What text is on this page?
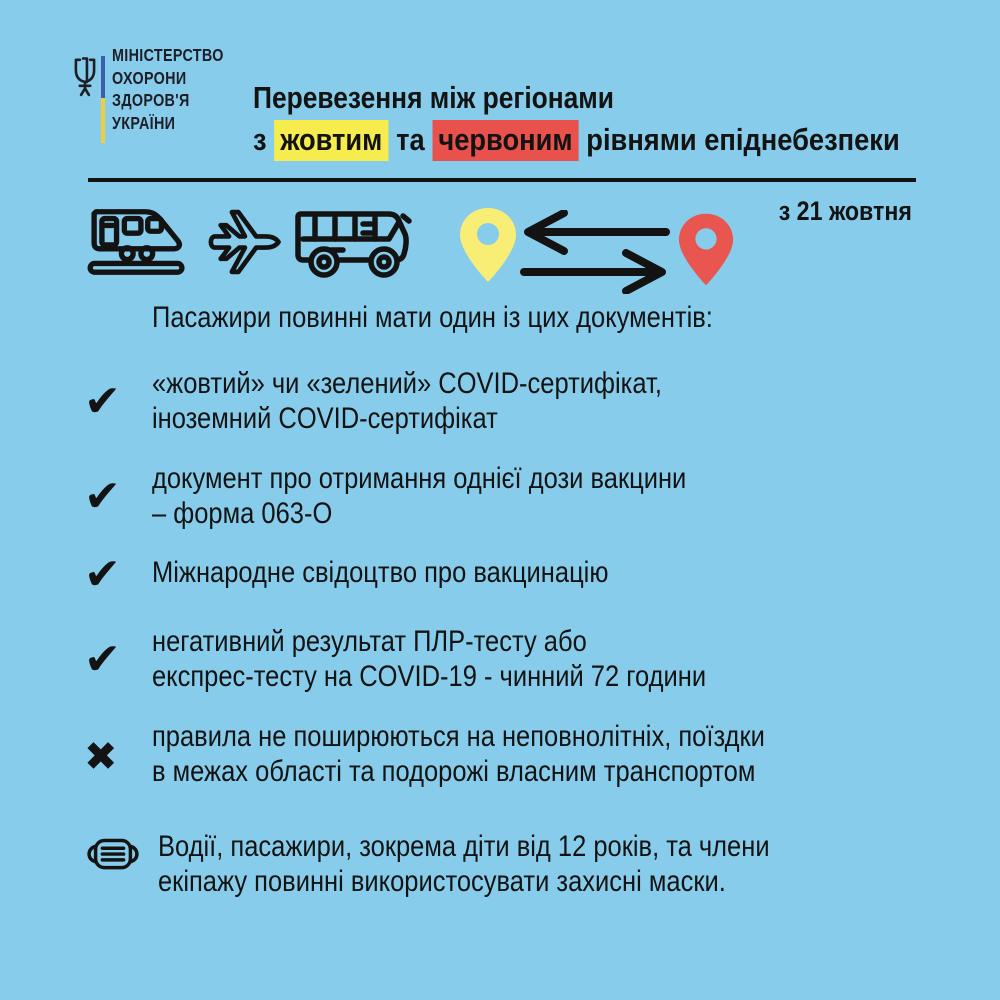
МІНІСТЕРСТВО
ОХОРОНИ
ЗДОРОВ'Я
УКРАЇНИ
Перевезення між регіонами
з жовтим та червоним рівнями епіднебезпеки
з 21 жовтня
Пасажири повинні мати один із цих документів:
✔ «жовтий» чи «зелений» COVID-сертифікат,
іноземний COVID-сертифікат
✔ документ про отримання однієї дози вакцини
– форма 063-О
✔ Міжнародне свідоцтво про вакцинацію
✔ негативний результат ПЛР-тесту або
експрес-тесту на COVID-19 - чинний 72 години
✖ правила не поширюються на неповнолітніх, поїздки
в межах області та подорожі власним транспортом
Водії, пасажири, зокрема діти від 12 років, та члени
екіпажу повинні використосувати захисні маски.
